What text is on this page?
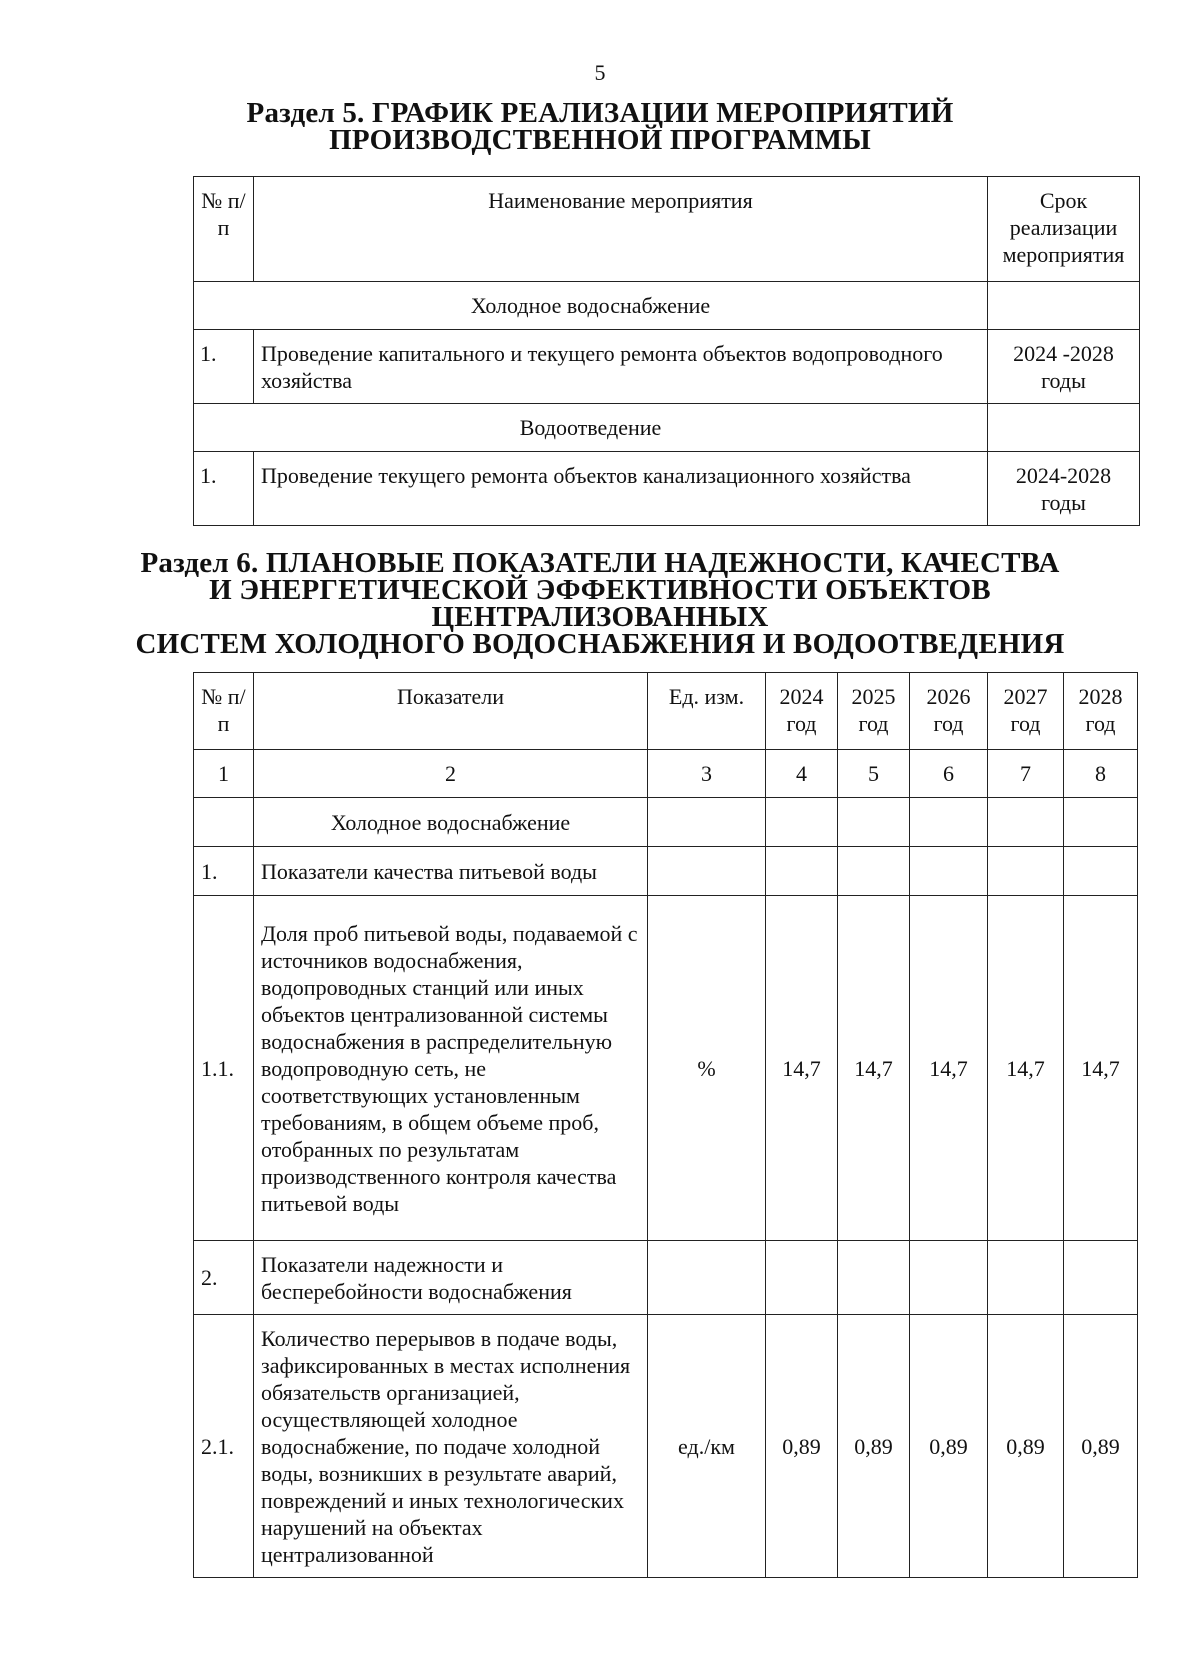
5
Раздел 5. ГРАФИК РЕАЛИЗАЦИИ МЕРОПРИЯТИЙ
ПРОИЗВОДСТВЕННОЙ ПРОГРАММЫ
№ п/п	Наименование мероприятия	Срок реализации мероприятия
Холодное водоснабжение		
1.	Проведение капитального и текущего ремонта объектов водопроводного хозяйства	2024 -2028 годы
Водоотведение		
1.	Проведение текущего ремонта объектов канализационного хозяйства	2024-2028 годы
Раздел 6. ПЛАНОВЫЕ ПОКАЗАТЕЛИ НАДЕЖНОСТИ, КАЧЕСТВА
И ЭНЕРГЕТИЧЕСКОЙ ЭФФЕКТИВНОСТИ ОБЪЕКТОВ
ЦЕНТРАЛИЗОВАННЫХ
СИСТЕМ ХОЛОДНОГО ВОДОСНАБЖЕНИЯ И ВОДООТВЕДЕНИЯ
№ п/п	Показатели	Ед. изм.	2024 год	2025 год	2026 год	2027 год	2028 год
1	2	3	4	5	6	7	8
	Холодное водоснабжение						
1.	Показатели качества питьевой воды						
1.1.	Доля проб питьевой воды, подаваемой с источников водоснабжения, водопроводных станций или иных объектов централизованной системы водоснабжения в распределительную водопроводную сеть, не соответствующих установленным требованиям, в общем объеме проб, отобранных по результатам производственного контроля качества питьевой воды	%	14,7	14,7	14,7	14,7	14,7
2.	Показатели надежности и бесперебойности водоснабжения						
2.1.	Количество перерывов в подаче воды, зафиксированных в местах исполнения обязательств организацией, осуществляющей холодное водоснабжение, по подаче холодной воды, возникших в результате аварий, повреждений и иных технологических нарушений на объектах централизованной	ед./км	0,89	0,89	0,89	0,89	0,89
